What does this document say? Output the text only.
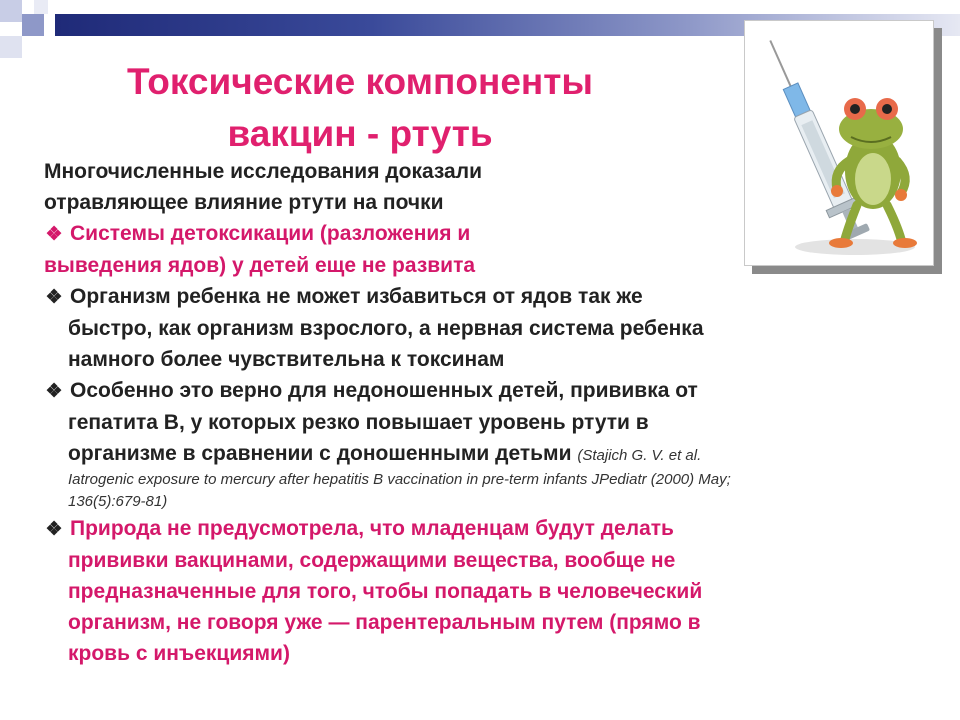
Токсические компоненты
вакцин - ртуть
Многочисленные исследования доказали
отравляющее влияние ртути на почки
❖ Системы детоксикации (разложения и
выведения ядов) у детей еще не развита
❖ Организм ребенка не может избавиться от ядов так же
быстро, как организм взрослого, а нервная система ребенка
намного более чувствительна к токсинам
❖ Особенно это верно для недоношенных детей, прививка от
гепатита В, у которых резко повышает уровень ртути в
организме в сравнении с доношенными детьми (Stajich G. V. et al.
Iatrogenic exposure to mercury after hepatitis B vaccination in pre-term infants JPediatr (2000) May;
136(5):679-81)
❖ Природа не предусмотрела, что младенцам будут делать
прививки вакцинами, содержащими вещества, вообще не
предназначенные для того, чтобы попадать в человеческий
организм, не говоря уже — парентеральным путем (прямо в
кровь с инъекциями)
